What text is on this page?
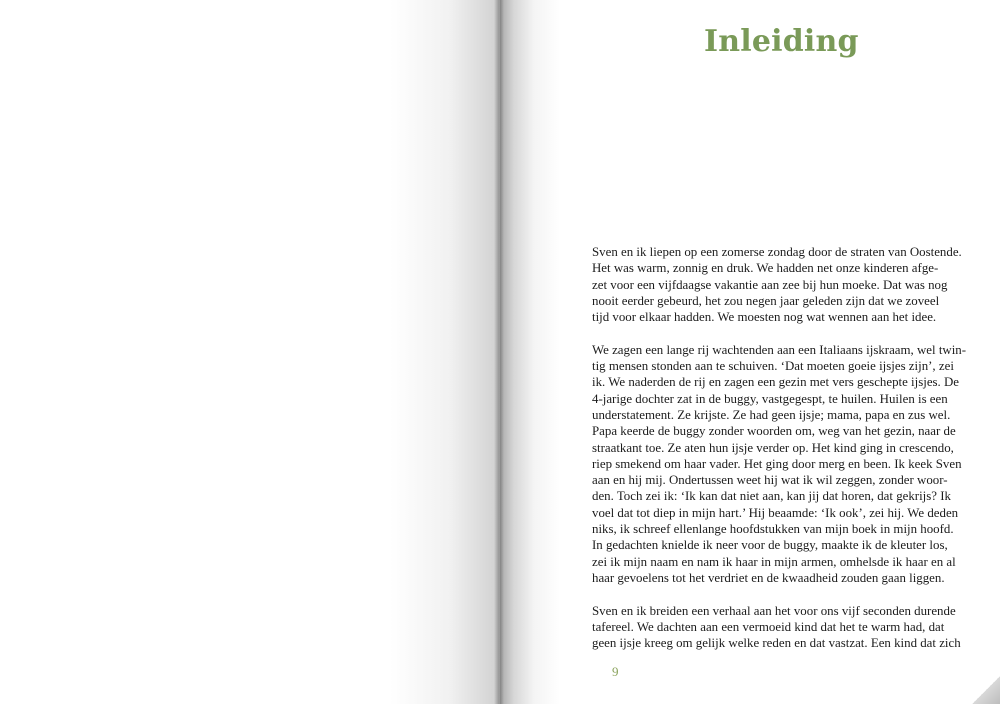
Inleiding
Sven en ik liepen op een zomerse zondag door de straten van Oostende.
Het was warm, zonnig en druk. We hadden net onze kinderen afge-
zet voor een vijfdaagse vakantie aan zee bij hun moeke. Dat was nog
nooit eerder gebeurd, het zou negen jaar geleden zijn dat we zoveel
tijd voor elkaar hadden. We moesten nog wat wennen aan het idee.
We zagen een lange rij wachtenden aan een Italiaans ijskraam, wel twin-
tig mensen stonden aan te schuiven. ‘Dat moeten goeie ijsjes zijn’, zei
ik. We naderden de rij en zagen een gezin met vers geschepte ijsjes. De
4-jarige dochter zat in de buggy, vastgegespt, te huilen. Huilen is een
understatement. Ze krijste. Ze had geen ijsje; mama, papa en zus wel.
Papa keerde de buggy zonder woorden om, weg van het gezin, naar de
straatkant toe. Ze aten hun ijsje verder op. Het kind ging in crescendo,
riep smekend om haar vader. Het ging door merg en been. Ik keek Sven
aan en hij mij. Ondertussen weet hij wat ik wil zeggen, zonder woor-
den. Toch zei ik: ‘Ik kan dat niet aan, kan jij dat horen, dat gekrijs? Ik
voel dat tot diep in mijn hart.’ Hij beaamde: ‘Ik ook’, zei hij. We deden
niks, ik schreef ellenlange hoofdstukken van mijn boek in mijn hoofd.
In gedachten knielde ik neer voor de buggy, maakte ik de kleuter los,
zei ik mijn naam en nam ik haar in mijn armen, omhelsde ik haar en al
haar gevoelens tot het verdriet en de kwaadheid zouden gaan liggen.
Sven en ik breiden een verhaal aan het voor ons vijf seconden durende
tafereel. We dachten aan een vermoeid kind dat het te warm had, dat
geen ijsje kreeg om gelijk welke reden en dat vastzat. Een kind dat zich
9
